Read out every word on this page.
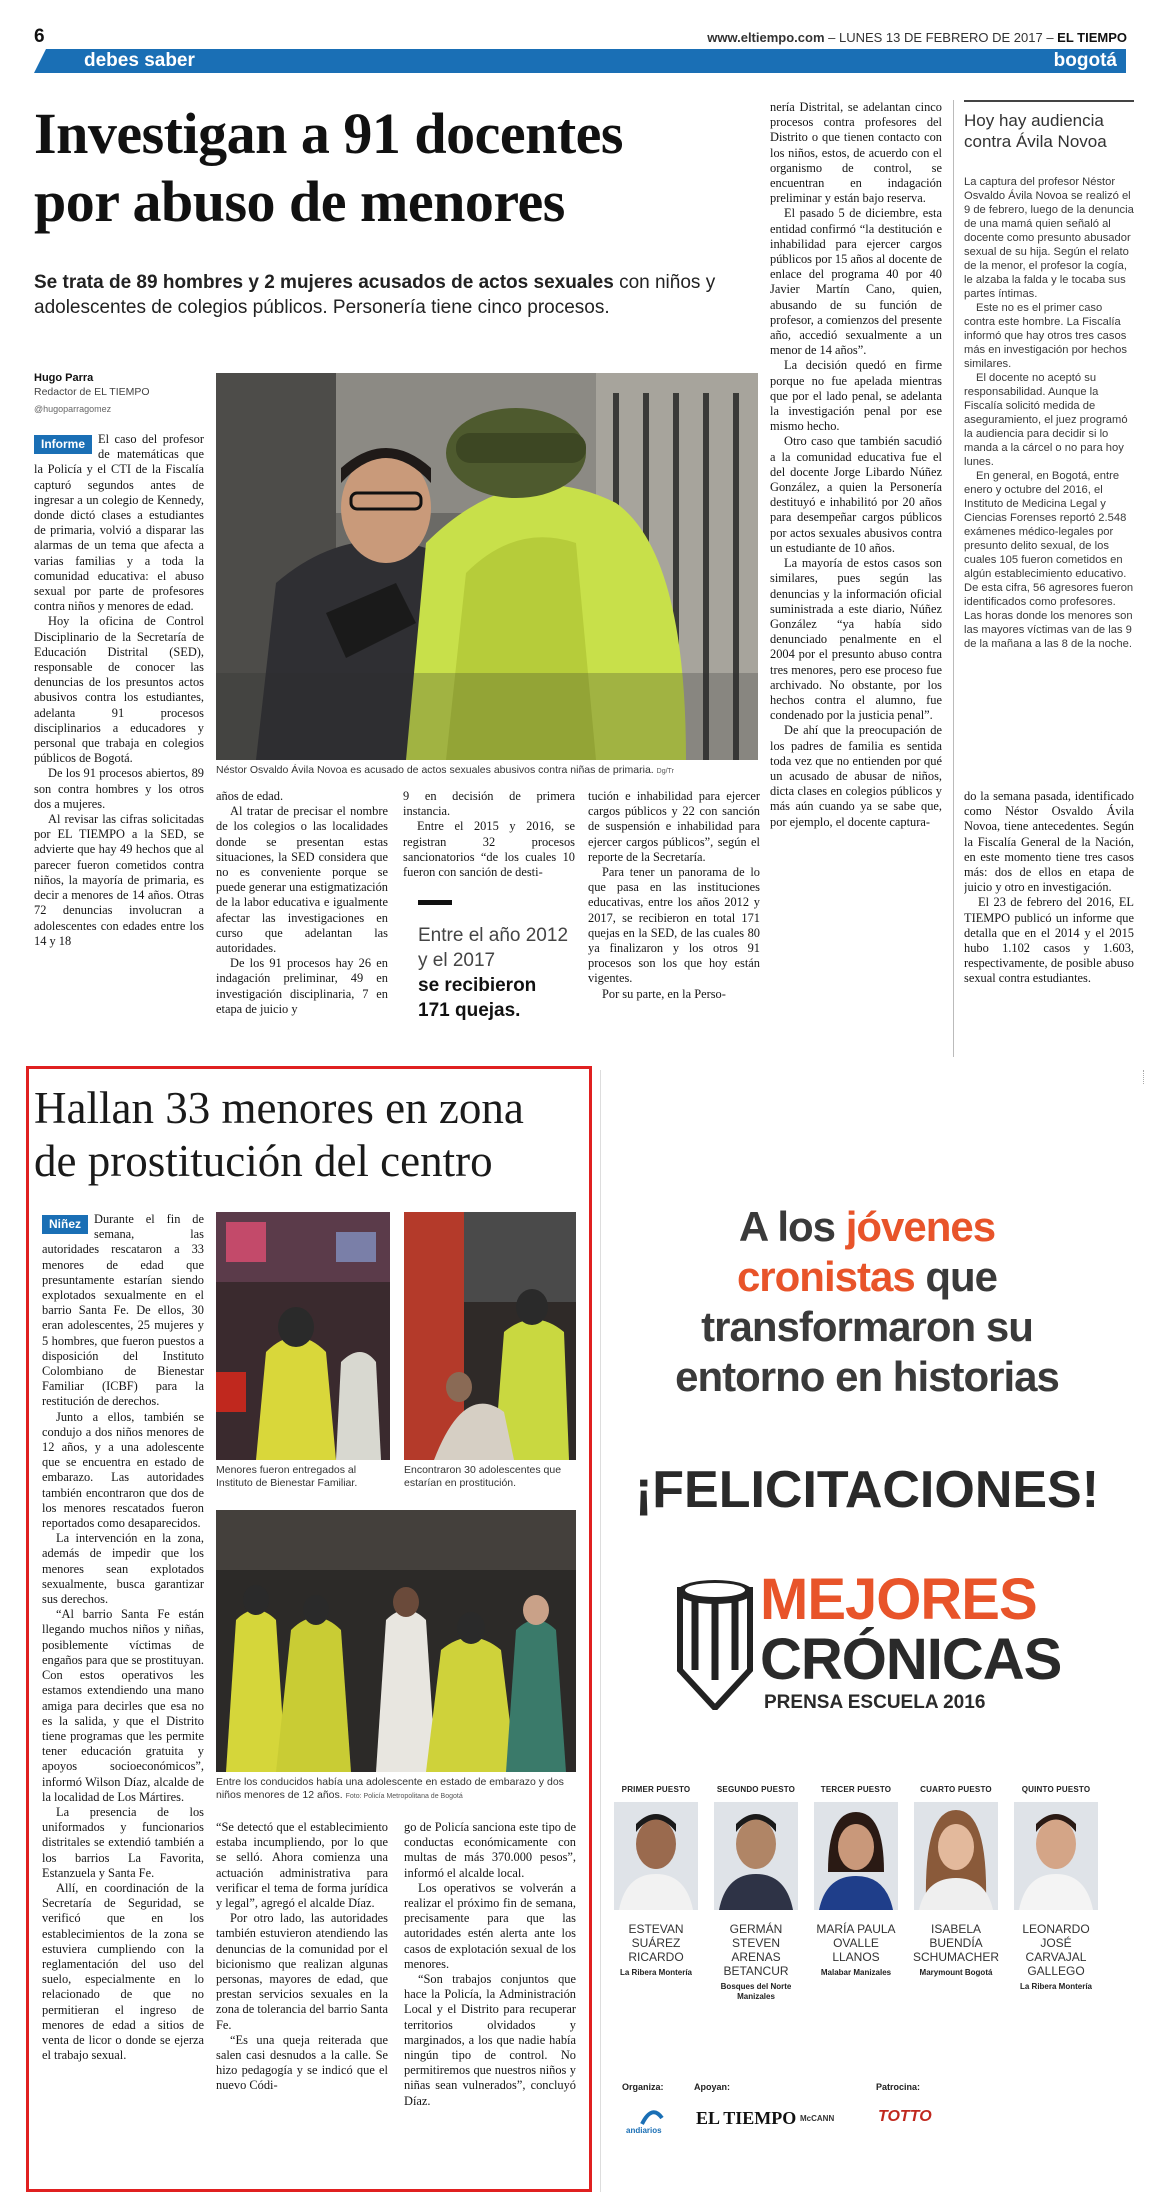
6	www.eltiempo.com – LUNES 13 DE FEBRERO DE 2017 – EL TIEMPO
debes saber	bogotá
Investigan a 91 docentes
por abuso de menores
Se trata de 89 hombres y 2 mujeres acusados de actos sexuales con niños y adolescentes de colegios públicos. Personería tiene cinco procesos.
Hugo Parra
Redactor de EL TIEMPO
@hugoparragomez

Informe	El caso del profesor de matemáticas que la Policía y el CTI de la Fiscalía capturó segundos antes de ingresar a un colegio de Kennedy, donde dictó clases a estudiantes de primaria, volvió a disparar las alarmas de un tema que afecta a varias familias y a toda la comunidad educativa: el abuso sexual por parte de profesores contra niños y menores de edad.

Hoy la oficina de Control Disciplinario de la Secretaría de Educación Distrital (SED), responsable de conocer las denuncias de los presuntos actos abusivos contra los estudiantes, adelanta 91 procesos disciplinarios a educadores y personal que trabaja en colegios públicos de Bogotá.

De los 91 procesos abiertos, 89 son contra hombres y los otros dos a mujeres.

Al revisar las cifras solicitadas por EL TIEMPO a la SED, se advierte que hay 49 hechos que al parecer fueron cometidos contra niños, la mayoría de primaria, es decir a menores de 14 años. Otras 72 denuncias involucran a adolescentes con edades entre los 14 y 18

Néstor Osvaldo Ávila Novoa es acusado de actos sexuales abusivos contra niñas de primaria. Dg/Tr

años de edad.

Al tratar de precisar el nombre de los colegios o las localidades donde se presentan estas situaciones, la SED considera que no es conveniente porque se puede generar una estigmatización de la labor educativa e igualmente afectar las investigaciones en curso que adelantan las autoridades.

De los 91 procesos hay 26 en indagación preliminar, 49 en investigación disciplinaria, 7 en etapa de juicio y

9 en decisión de primera instancia.

Entre el 2015 y 2016, se registran 32 procesos sancionatorios “de los cuales 10 fueron con sanción de desti-

Entre el año 2012 y el 2017
se recibieron 171 quejas.

tución e inhabilidad para ejercer cargos públicos y 22 con sanción de suspensión e inhabilidad para ejercer cargos públicos”, según el reporte de la Secretaría.

Para tener un panorama de lo que pasa en las instituciones educativas, entre los años 2012 y 2017, se recibieron en total 171 quejas en la SED, de las cuales 80 ya finalizaron y los otros 91 procesos son los que hoy están vigentes.

Por su parte, en la Perso-

nería Distrital, se adelantan cinco procesos contra profesores del Distrito o que tienen contacto con los niños, estos, de acuerdo con el organismo de control, se encuentran en indagación preliminar y están bajo reserva.

El pasado 5 de diciembre, esta entidad confirmó “la destitución e inhabilidad para ejercer cargos públicos por 15 años al docente de enlace del programa 40 por 40 Javier Martín Cano, quien, abusando de su función de profesor, a comienzos del presente año, accedió sexualmente a un menor de 14 años”.

La decisión quedó en firme porque no fue apelada mientras que por el lado penal, se adelanta la investigación penal por ese mismo hecho.

Otro caso que también sacudió a la comunidad educativa fue el del docente Jorge Libardo Núñez González, a quien la Personería destituyó e inhabilitó por 20 años para desempeñar cargos públicos por actos sexuales abusivos contra un estudiante de 10 años.

La mayoría de estos casos son similares, pues según las denuncias y la información oficial suministrada a este diario, Núñez González “ya había sido denunciado penalmente en el 2004 por el presunto abuso contra tres menores, pero ese proceso fue archivado. No obstante, por los hechos contra el alumno, fue condenado por la justicia penal”.

De ahí que la preocupación de los padres de familia es sentida toda vez que no entienden por qué un acusado de abusar de niños, dicta clases en colegios públicos y más aún cuando ya se sabe que, por ejemplo, el docente captura-

Hoy hay audiencia contra Ávila Novoa

La captura del profesor Néstor Osvaldo Ávila Novoa se realizó el 9 de febrero, luego de la denuncia de una mamá quien señaló al docente como presunto abusador sexual de su hija. Según el relato de la menor, el profesor la cogía, le alzaba la falda y le tocaba sus partes íntimas.

Este no es el primer caso contra este hombre. La Fiscalía informó que hay otros tres casos más en investigación por hechos similares.

El docente no aceptó su responsabilidad. Aunque la Fiscalía solicitó medida de aseguramiento, el juez programó la audiencia para decidir si lo manda a la cárcel o no para hoy lunes.

En general, en Bogotá, entre enero y octubre del 2016, el Instituto de Medicina Legal y Ciencias Forenses reportó 2.548 exámenes médico-legales por presunto delito sexual, de los cuales 105 fueron cometidos en algún establecimiento educativo. De esta cifra, 56 agresores fueron identificados como profesores. Las horas donde los menores son las mayores víctimas van de las 9 de la mañana a las 8 de la noche.

do la semana pasada, identificado como Néstor Osvaldo Ávila Novoa, tiene antecedentes. Según la Fiscalía General de la Nación, en este momento tiene tres casos más: dos de ellos en etapa de juicio y otro en investigación.

El 23 de febrero del 2016, EL TIEMPO publicó un informe que detalla que en el 2014 y el 2015 hubo 1.102 casos y 1.603, respectivamente, de posible abuso sexual contra estudiantes.

Hallan 33 menores en zona
de prostitución del centro

Niñez	Durante el fin de semana, las autoridades rescataron a 33 menores de edad que presuntamente estarían siendo explotados sexualmente en el barrio Santa Fe. De ellos, 30 eran adolescentes, 25 mujeres y 5 hombres, que fueron puestos a disposición del Instituto Colombiano de Bienestar Familiar (ICBF) para la restitución de derechos.

Junto a ellos, también se condujo a dos niños menores de 12 años, y a una adolescente que se encuentra en estado de embarazo. Las autoridades también encontraron que dos de los menores rescatados fueron reportados como desaparecidos.

La intervención en la zona, además de impedir que los menores sean explotados sexualmente, busca garantizar sus derechos.

“Al barrio Santa Fe están llegando muchos niños y niñas, posiblemente víctimas de engaños para que se prostituyan. Con estos operativos les estamos extendiendo una mano amiga para decirles que esa no es la salida, y que el Distrito tiene programas que les permite tener educación gratuita y apoyos socioeconómicos”, informó Wilson Díaz, alcalde de la localidad de Los Mártires.

La presencia de los uniformados y funcionarios distritales se extendió también a los barrios La Favorita, Estanzuela y Santa Fe.

Allí, en coordinación de la Secretaría de Seguridad, se verificó que en los establecimientos de la zona se estuviera cumpliendo con la reglamentación del uso del suelo, especialmente en lo relacionado de que no permitieran el ingreso de menores de edad a sitios de venta de licor o donde se ejerza el trabajo sexual.

Menores fueron entregados al Instituto de Bienestar Familiar.
Encontraron 30 adolescentes que estarían en prostitución.
Entre los conducidos había una adolescente en estado de embarazo y dos niños menores de 12 años. Foto: Policía Metropolitana de Bogotá

“Se detectó que el establecimiento estaba incumpliendo, por lo que se selló. Ahora comienza una actuación administrativa para verificar el tema de forma jurídica y legal”, agregó el alcalde Díaz.

Por otro lado, las autoridades también estuvieron atendiendo las denuncias de la comunidad por el bicionismo que realizan algunas personas, mayores de edad, que prestan servicios sexuales en la zona de tolerancia del barrio Santa Fe.

“Es una queja reiterada que salen casi desnudos a la calle. Se hizo pedagogía y se indicó que el nuevo Códi-

go de Policía sanciona este tipo de conductas económicamente con multas de más 370.000 pesos”, informó el alcalde local.

Los operativos se volverán a realizar el próximo fin de semana, precisamente para que las autoridades estén alerta ante los casos de explotación sexual de los menores.

“Son trabajos conjuntos que hace la Policía, la Administración Local y el Distrito para recuperar territorios olvidados y marginados, a los que nadie había ningún tipo de control. No permitiremos que nuestros niños y niñas sean vulnerados”, concluyó Díaz.

A los jóvenes
cronistas que
transformaron su
entorno en historias
¡FELICITACIONES!
MEJORES
CRÓNICAS
PRENSA ESCUELA 2016
PRIMER PUESTO
ESTEVAN SUÁREZ RICARDO
La Ribera Montería
SEGUNDO PUESTO
GERMÁN STEVEN ARENAS BETANCUR
Bosques del Norte Manizales
TERCER PUESTO
MARÍA PAULA OVALLE LLANOS
Malabar Manizales
CUARTO PUESTO
ISABELA BUENDÍA SCHUMACHER
Marymount Bogotá
QUINTO PUESTO
LEONARDO JOSÉ CARVAJAL GALLEGO
La Ribera Montería
Organiza:	Apoyan:	Patrocina:
andiarios
EL TIEMPO McCANN	TOTTO
